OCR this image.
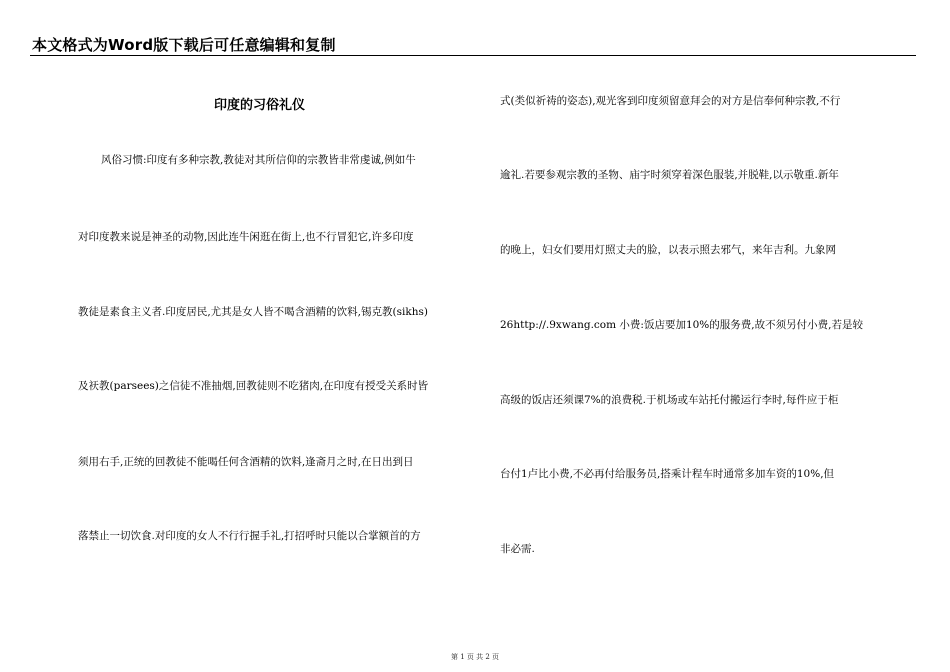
本文格式为Word版下载后可任意编辑和复制
印度的习俗礼仪
风俗习惯:印度有多种宗教,教徒对其所信仰的宗教皆非常虔诚,例如牛
对印度教来说是神圣的动物,因此连牛闲逛在街上,也不行冒犯它,许多印度
教徒是素食主义者.印度居民,尤其是女人皆不喝含酒精的饮料,锡克教(sikhs)
及祆教(parsees)之信徒不准抽烟,回教徒则不吃猪肉,在印度有授受关系时皆
须用右手,正统的回教徒不能喝任何含酒精的饮料,逢斋月之时,在日出到日
落禁止一切饮食.对印度的女人不行行握手礼,打招呼时只能以合掌额首的方
式(类似祈祷的姿态),观光客到印度须留意拜会的对方是信奉何种宗教,不行
逾礼.若要参观宗教的圣物、庙宇时须穿着深色服装,并脱鞋,以示敬重.新年
的晚上，妇女们要用灯照丈夫的脸，以表示照去邪气，来年吉利。九象网
26http://.9xwang.com 小费:饭店要加10%的服务费,故不须另付小费,若是较
高级的饭店还须课7%的浪费税.于机场或车站托付搬运行李时,每件应于柜
台付1卢比小费,不必再付给服务员,搭乘计程车时通常多加车资的10%,但
非必需.
第 1 页 共 2 页
